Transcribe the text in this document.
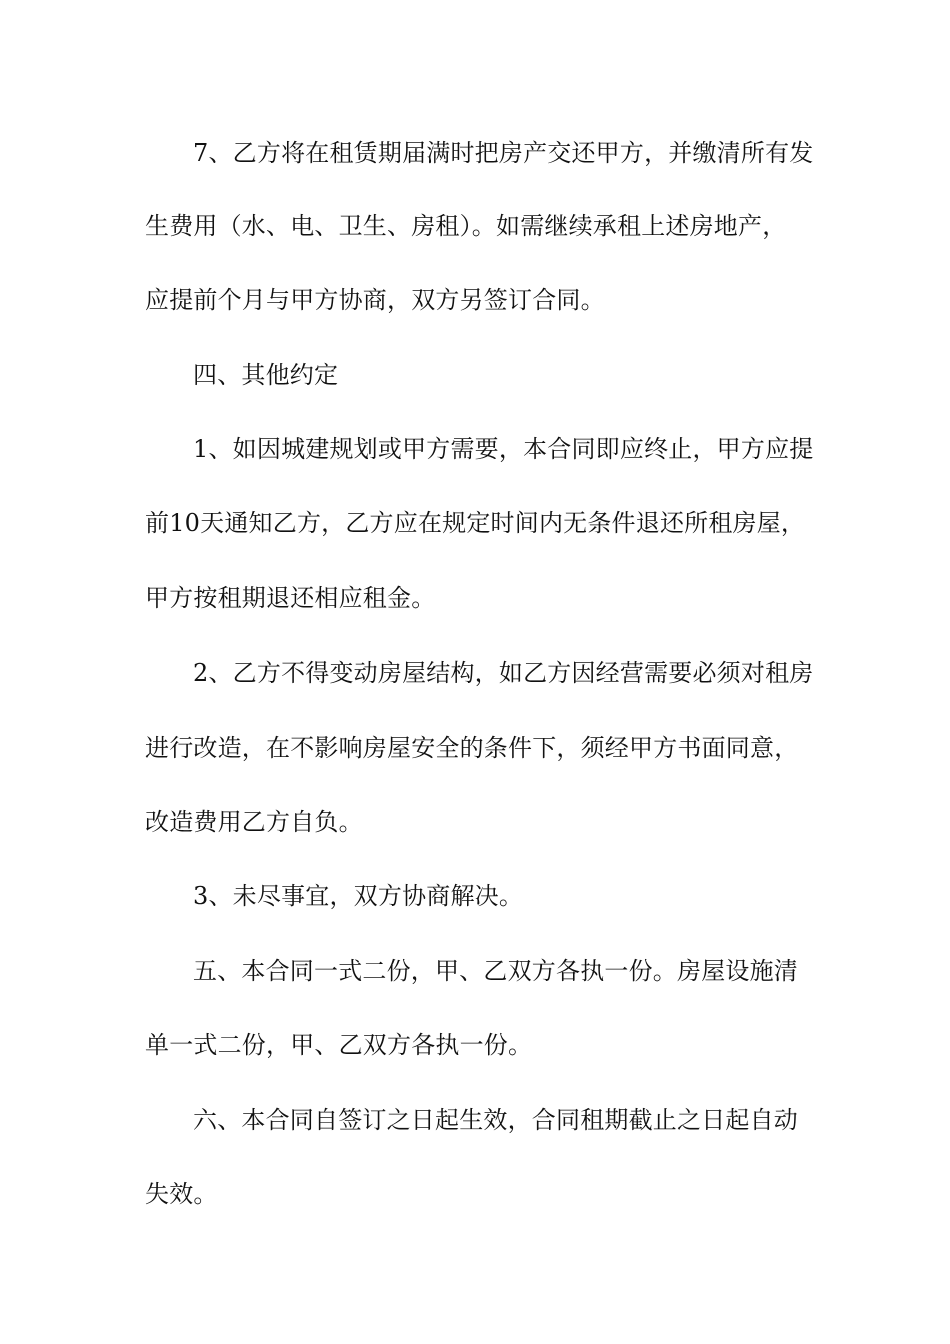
7、乙方将在租赁期届满时把房产交还甲方，并缴清所有发
生费用（水、电、卫生、房租）。如需继续承租上述房地产，
应提前个月与甲方协商，双方另签订合同。
四、其他约定
1、如因城建规划或甲方需要，本合同即应终止，甲方应提
前10天通知乙方，乙方应在规定时间内无条件退还所租房屋，
甲方按租期退还相应租金。
2、乙方不得变动房屋结构，如乙方因经营需要必须对租房
进行改造，在不影响房屋安全的条件下，须经甲方书面同意，
改造费用乙方自负。
3、未尽事宜，双方协商解决。
五、本合同一式二份，甲、乙双方各执一份。房屋设施清
单一式二份，甲、乙双方各执一份。
六、本合同自签订之日起生效，合同租期截止之日起自动
失效。
